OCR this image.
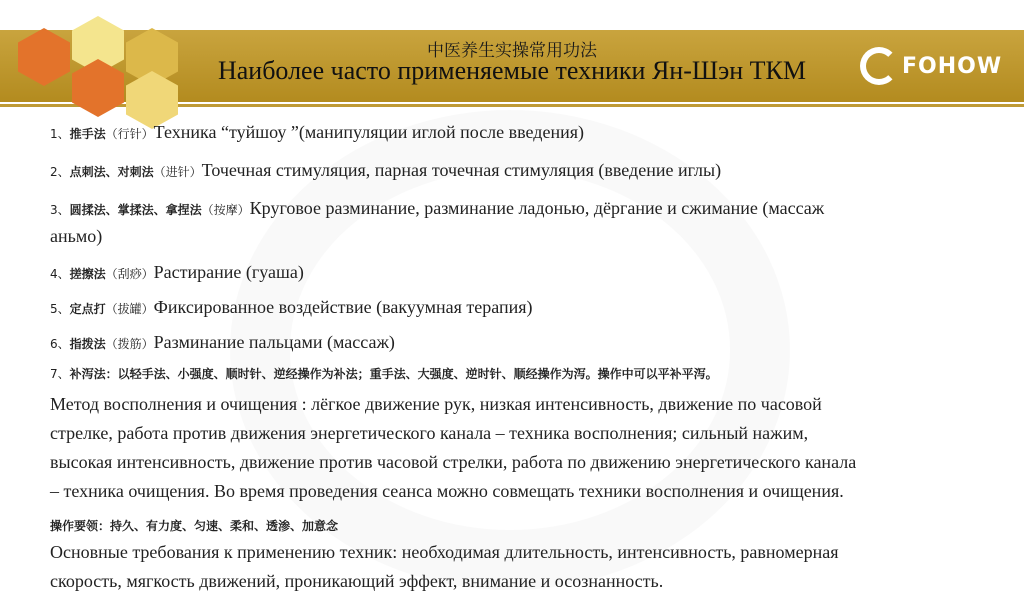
中医养生实操常用功法
Наиболее часто применяемые техники Ян-Шэн ТКМ	FOHOW
1、推手法（行针）Техника “туйшоу ”(манипуляции иглой после введения)
2、点刺法、对刺法（进针）Точечная стимуляция, парная точечная стимуляция (введение иглы)
3、圆揉法、掌揉法、拿捏法（按摩）Круговое разминание, разминание ладонью, дёргание и сжимание (массаж
аньмо)
4、搓擦法（刮痧）Растирание (гуаша)
5、定点打（拔罐）Фиксированное воздействие (вакуумная терапия)
6、指拨法（拨筋）Разминание пальцами (массаж)
7、补泻法：以轻手法、小强度、顺时针、逆经操作为补法；重手法、大强度、逆时针、顺经操作为泻。操作中可以平补平泻。
Метод восполнения и очищения : лёгкое движение рук, низкая интенсивность, движение по часовой
стрелке, работа против движения энергетического канала – техника восполнения; сильный нажим,
высокая интенсивность, движение против часовой стрелки, работа по движению энергетического канала
– техника очищения. Во время проведения сеанса можно совмещать техники восполнения и очищения.
操作要领：持久、有力度、匀速、柔和、透渗、加意念
Основные требования к применению техник: необходимая длительность, интенсивность, равномерная
скорость, мягкость движений, проникающий эффект, внимание и осознанность.
